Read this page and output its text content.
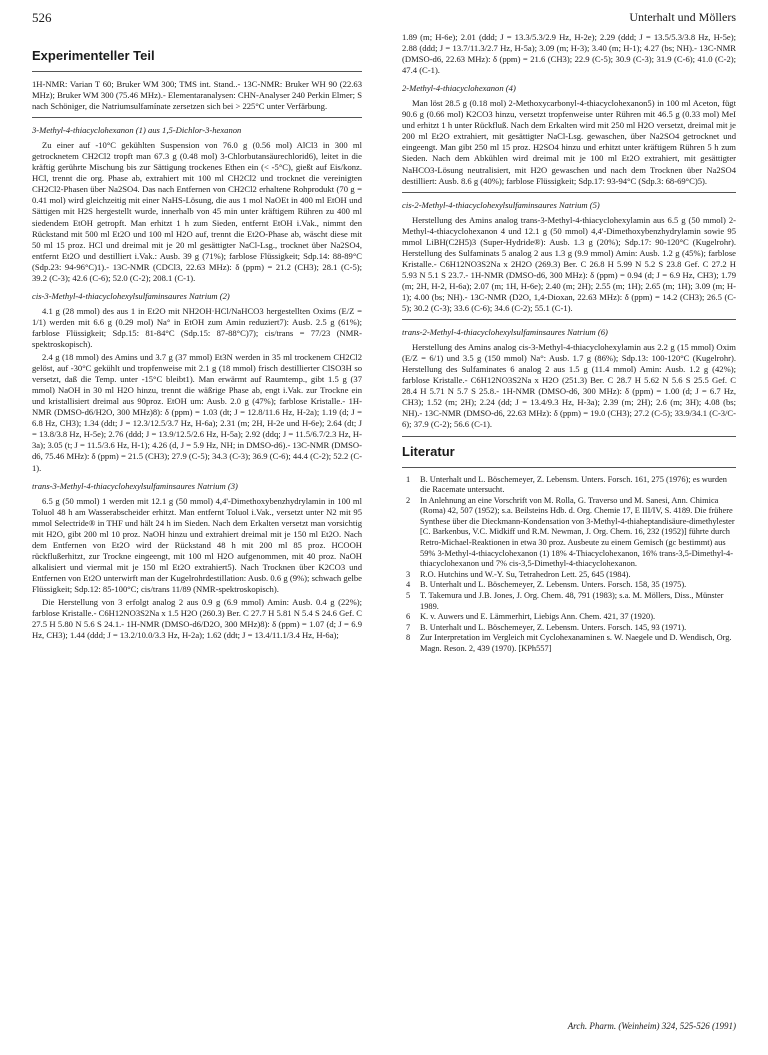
526	Unterhalt und Möllers
Experimenteller Teil

1H-NMR: Varian T 60; Bruker WM 300; TMS int. Stand..- 13C-NMR: Bruker WH 90 (22.63 MHz); Bruker WM 300 (75.46 MHz).- Elementaranalysen: CHN-Analyser 240 Perkin Elmer; S nach Schöniger, die Natriumsulfamínate zersetzen sich bei > 225°C unter Verfärbung.

3-Methyl-4-thiacyclohexanon (1) aus 1,5-Dichlor-3-hexanon

Zu einer auf -10°C gekühlten Suspension von 76.0 g (0.56 mol) AlCl3 in 300 ml getrocknetem CH2Cl2 tropft man 67.3 g (0.48 mol) 3-Chlorbutansäurechlorid6), leitet in die kräftig gerührte Mischung bis zur Sättigung trockenes Ethen ein (< -5°C), gießt auf Eis/konz. HCl, trennt die org. Phase ab, extrahiert mit 100 ml CH2Cl2 und trocknet die vereinigten CH2Cl2-Phasen über Na2SO4. Das nach Entfernen von CH2Cl2 erhaltene Rohprodukt (70 g = 0.41 mol) wird gleichzeitig mit einer NaHS-Lösung, die aus 1 mol NaOEt in 400 ml EtOH und Sättigen mit H2S hergestellt wurde, innerhalb von 45 min unter kräftigem Rühren zu 400 ml siedendem EtOH getropft. Man erhitzt 1 h zum Sieden, entfernt EtOH i.Vak., nimmt den Rückstand mit 500 ml Et2O und 100 ml H2O auf, trennt die Et2O-Phase ab, wäscht diese mit 50 ml 15 proz. HCl und dreimal mit je 20 ml gesättigter NaCl-Lsg., trocknet über Na2SO4, entfernt Et2O und destilliert i.Vak.: Ausb. 39 g (71%); farblose Flüssigkeit; Sdp.14: 88-89°C (Sdp.23: 94-96°C)1).- 13C-NMR (CDCl3, 22.63 MHz): δ (ppm) = 21.2 (CH3); 28.1 (C-5); 39.2 (C-3); 42.6 (C-6); 52.0 (C-2); 208.1 (C-1).

cis-3-Methyl-4-thiacyclohexylsulfaminsaures Natrium (2)

4.1 g (28 mmol) des aus 1 in Et2O mit NH2OH·HCl/NaHCO3 hergestellten Oxims (E/Z = 1/1) werden mit 6.6 g (0.29 mol) Na° in EtOH zum Amin reduziert7): Ausb. 2.5 g (61%); farblose Flüssigkeit; Sdp.15: 81-84°C (Sdp.15: 87-88°C)7); cis/trans = 77/23 (NMR-spektroskopisch).

2.4 g (18 mmol) des Amins und 3.7 g (37 mmol) Et3N werden in 35 ml trockenem CH2Cl2 gelöst, auf -30°C gekühlt und tropfenweise mit 2.1 g (18 mmol) frisch destillierter ClSO3H so versetzt, daß die Temp. unter -15°C bleibt1). Man erwärmt auf Raumtemp., gibt 1.5 g (37 mmol) NaOH in 30 ml H2O hinzu, trennt die wäßrige Phase ab, engt i.Vak. zur Trockne ein und kristallisiert dreimal aus 90proz. EtOH um: Ausb. 2.0 g (47%); farblose Kristalle.- 1H-NMR (DMSO-d6/H2O, 300 MHz)8): δ (ppm) = 1.03 (dt; J = 12.8/11.6 Hz, H-2a); 1.19 (d; J = 6.8 Hz, CH3); 1.34 (ddt; J = 12.3/12.5/3.7 Hz, H-6a); 2.31 (m; 2H, H-2e und H-6e); 2.64 (dt; J = 13.8/3.8 Hz, H-5e); 2.76 (ddd; J = 13.9/12.5/2.6 Hz, H-5a); 2.92 (ddq; J = 11.5/6.7/2.3 Hz, H-3a); 3.05 (t; J = 11.5/3.6 Hz, H-1); 4.26 (d, J = 5.9 Hz, NH; in DMSO-d6).- 13C-NMR (DMSO-d6, 75.46 MHz): δ (ppm) = 21.5 (CH3); 27.9 (C-5); 34.3 (C-3); 36.9 (C-6); 44.4 (C-2); 52.2 (C-1).

trans-3-Methyl-4-thiacyclohexylsulfaminsaures Natrium (3)

6.5 g (50 mmol) 1 werden mit 12.1 g (50 mmol) 4,4'-Dimethoxybenzhydrylamin in 100 ml Toluol 48 h am Wasserabscheider erhitzt. Man entfernt Toluol i.Vak., versetzt unter N2 mit 95 mmol Selectride® in THF und hält 24 h im Sieden. Nach dem Erkalten versetzt man vorsichtig mit H2O, gibt 200 ml 10 proz. NaOH hinzu und extrahiert dreimal mit je 150 ml Et2O. Nach dem Entfernen von Et2O wird der Rückstand 48 h mit 200 ml 85 proz. HCOOH rückflußerhitzt, zur Trockne eingeengt, mit 100 ml H2O aufgenommen, mit 40 proz. NaOH alkalisiert und viermal mit je 150 ml Et2O extrahiert5). Nach Trocknen über K2CO3 und Entfernen von Et2O unterwirft man der Kugelrohrdestillation: Ausb. 0.6 g (9%); schwach gelbe Flüssigkeit; Sdp.12: 85-100°C; cis/trans 11/89 (NMR-spektroskopisch).

Die Herstellung von 3 erfolgt analog 2 aus 0.9 g (6.9 mmol) Amin: Ausb. 0.4 g (22%); farblose Kristalle.- C6H12NO3S2Na x 1.5 H2O (260.3) Ber. C 27.7 H 5.81 N 5.4 S 24.6 Gef. C 27.5 H 5.80 N 5.6 S 24.1.- 1H-NMR (DMSO-d6/D2O, 300 MHz)8): δ (ppm) = 1.07 (d; J = 6.9 Hz, CH3); 1.44 (ddd; J = 13.2/10.0/3.3 Hz, H-2a); 1.62 (ddt; J = 13.4/11.1/3.4 Hz, H-6a);

1.89 (m; H-6e); 2.01 (ddd; J = 13.3/5.3/2.9 Hz, H-2e); 2.29 (ddd; J = 13.5/5.3/3.8 Hz, H-5e); 2.88 (ddd; J = 13.7/11.3/2.7 Hz, H-5a); 3.09 (m; H-3); 3.40 (m; H-1); 4.27 (bs; NH).- 13C-NMR (DMSO-d6, 22.63 MHz): δ (ppm) = 21.6 (CH3); 22.9 (C-5); 30.9 (C-3); 31.9 (C-6); 41.0 (C-2); 47.4 (C-1).

2-Methyl-4-thiacyclohexanon (4)

Man löst 28.5 g (0.18 mol) 2-Methoxycarbonyl-4-thiacyclohexanon5) in 100 ml Aceton, fügt 90.6 g (0.66 mol) K2CO3 hinzu, versetzt tropfenweise unter Rühren mit 46.5 g (0.33 mol) MeI und erhitzt 1 h unter Rückfluß. Nach dem Erkalten wird mit 250 ml H2O versetzt, dreimal mit je 200 ml Et2O extrahiert, mit gesättigter NaCl-Lsg. gewaschen, über Na2SO4 getrocknet und eingeengt. Man gibt 250 ml 15 proz. H2SO4 hinzu und erhitzt unter kräftigem Rühren 5 h zum Sieden. Nach dem Abkühlen wird dreimal mit je 100 ml Et2O extrahiert, mit gesättigter NaHCO3-Lösung neutralisiert, mit H2O gewaschen und nach dem Trocknen über Na2SO4 destilliert: Ausb. 8.6 g (40%); farblose Flüssigkeit; Sdp.17: 93-94°C (Sdp.3: 68-69°C)5).

cis-2-Methyl-4-thiacyclohexylsulfaminsaures Natrium (5)

Herstellung des Amins analog trans-3-Methyl-4-thiacyclohexylamin aus 6.5 g (50 mmol) 2-Methyl-4-thiacyclohexanon 4 und 12.1 g (50 mmol) 4,4'-Dimethoxybenzhydrylamin sowie 95 mmol LiBH(C2H5)3 (Super-Hydride®): Ausb. 1.3 g (20%); Sdp.17: 90-120°C (Kugelrohr). Herstellung des Sulfaminats 5 analog 2 aus 1.3 g (9.9 mmol) Amin: Ausb. 1.2 g (45%); farblose Kristalle.- C6H12NO3S2Na x 2H2O (269.3) Ber. C 26.8 H 5.99 N 5.2 S 23.8 Gef. C 27.2 H 5.93 N 5.1 S 23.7.- 1H-NMR (DMSO-d6, 300 MHz): δ (ppm) = 0.94 (d; J = 6.9 Hz, CH3); 1.79 (m; 2H, H-2, H-6a); 2.07 (m; 1H, H-6e); 2.40 (m; 2H); 2.55 (m; 1H); 2.65 (m; 1H); 3.09 (m; H-1); 4.00 (bs; NH).- 13C-NMR (D2O, 1,4-Dioxan, 22.63 MHz): δ (ppm) = 14.2 (CH3); 26.5 (C-5); 30.2 (C-3); 33.6 (C-6); 34.6 (C-2); 55.1 (C-1).

trans-2-Methyl-4-thiacyclohexylsulfaminsaures Natrium (6)

Herstellung des Amins analog cis-3-Methyl-4-thiacyclohexylamin aus 2.2 g (15 mmol) Oxim (E/Z = 6/1) und 3.5 g (150 mmol) Na°: Ausb. 1.7 g (86%); Sdp.13: 100-120°C (Kugelrohr). Herstellung des Sulfaminates 6 analog 2 aus 1.5 g (11.4 mmol) Amin: Ausb. 1.2 g (42%); farblose Kristalle.- C6H12NO3S2Na x H2O (251.3) Ber. C 28.7 H 5.62 N 5.6 S 25.5 Gef. C 28.4 H 5.71 N 5.7 S 25.8.- 1H-NMR (DMSO-d6, 300 MHz): δ (ppm) = 1.00 (d; J = 6.7 Hz, CH3); 1.52 (m; 2H); 2.24 (dd; J = 13.4/9.3 Hz, H-3a); 2.39 (m; 2H); 2.6 (m; 3H); 4.08 (bs; NH).- 13C-NMR (DMSO-d6, 22.63 MHz): δ (ppm) = 19.0 (CH3); 27.2 (C-5); 33.9/34.1 (C-3/C-6); 37.9 (C-2); 56.6 (C-1).

Literatur
1	B. Unterhalt und L. Böschemeyer, Z. Lebensm. Unters. Forsch. 161, 275 (1976); es wurden die Racemate untersucht.
2	In Anlehnung an eine Vorschrift von M. Rolla, G. Traverso und M. Sanesi, Ann. Chimica (Roma) 42, 507 (1952); s.a. Beilsteins Hdb. d. Org. Chemie 17, E III/IV, S. 4189. Die frühere Synthese über die Dieckmann-Kondensation von 3-Methyl-4-thiaheptandisäure-dimethylester [C. Barkenbus, V.C. Midkiff und R.M. Newman, J. Org. Chem. 16, 232 (1952)] führte durch Retro-Michael-Reaktionen in etwa 30 proz. Ausbeute zu einem Gemisch (gc bestimmt) aus 59% 3-Methyl-4-thiacyclohexanon (1) 18% 4-Thiacyclohexanon, 16% trans-3,5-Dimethyl-4-thiacyclohexanon und 7% cis-3,5-Dimethyl-4-thiacyclohexanon.
3	R.O. Hutchins und W.-Y. Su, Tetrahedron Lett. 25, 645 (1984).
4	B. Unterhalt und L. Böschemeyer, Z. Lebensm. Unters. Forsch. 158, 35 (1975).
5	T. Takemura und J.B. Jones, J. Org. Chem. 48, 791 (1983); s.a. M. Möllers, Diss., Münster 1989.
6	K. v. Auwers und E. Lämmerhirt, Liebigs Ann. Chem. 421, 37 (1920).
7	B. Unterhalt und L. Böschemeyer, Z. Lebensm. Unters. Forsch. 145, 93 (1971).
8	Zur Interpretation im Vergleich mit Cyclohexanaminen s. W. Naegele und D. Wendisch, Org. Magn. Reson. 2, 439 (1970). [KPh557]
Arch. Pharm. (Weinheim) 324, 525-526 (1991)
